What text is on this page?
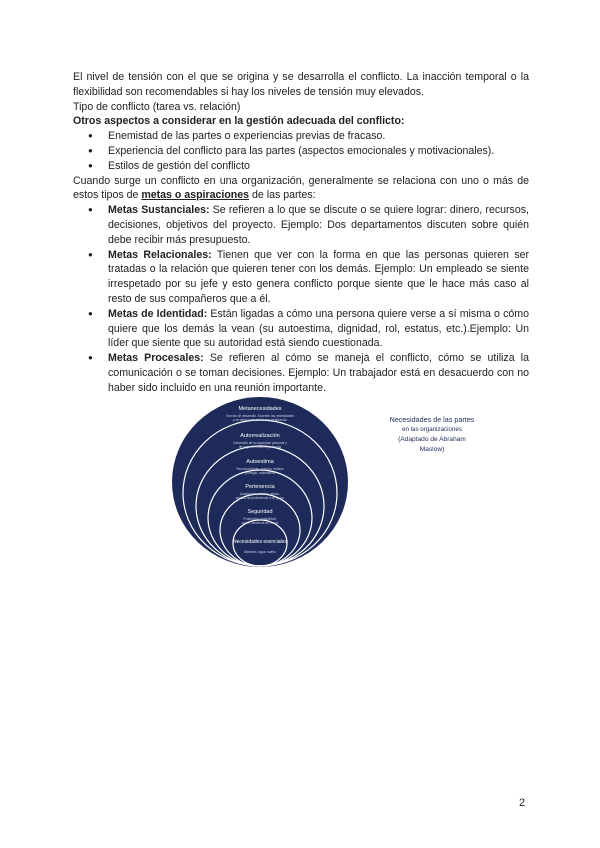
El nivel de tensión con el que se origina y se desarrolla el conflicto. La inacción temporal o la flexibilidad son recomendables si hay los niveles de tensión muy elevados.

Tipo de conflicto (tarea vs. relación)

Otros aspectos a considerar en la gestión adecuada del conflicto:

● Enemistad de las partes o experiencias previas de fracaso.
● Experiencia del conflicto para las partes (aspectos emocionales y motivacionales).
● Estilos de gestión del conflicto

Cuando surge un conflicto en una organización, generalmente se relaciona con uno o más de estos tipos de metas o aspiraciones de las partes:

● Metas Sustanciales: Se refieren a lo que se discute o se quiere lograr: dinero, recursos, decisiones, objetivos del proyecto. Ejemplo: Dos departamentos discuten sobre quién debe recibir más presupuesto.
● Metas Relacionales: Tienen que ver con la forma en que las personas quieren ser tratadas o la relación que quieren tener con los demás. Ejemplo: Un empleado se siente irrespetado por su jefe y esto genera conflicto porque siente que le hace más caso al resto de sus compañeros que a él.
● Metas de Identidad: Están ligadas a cómo una persona quiere verse a sí misma o cómo quiere que los demás la vean (su autoestima, dignidad, rol, estatus, etc.).Ejemplo: Un líder que siente que su autoridad está siendo cuestionada.
● Metas Procesales: Se refieren al cómo se maneja el conflicto, cómo se utiliza la comunicación o se toman decisiones. Ejemplo: Un trabajador está en desacuerdo con no haber sido incluido en una reunión importante.
Metanecesidades
Son las de desarrollo. Exceden las necesidades
y se relacionan con la autorrealización
Autorrealización
Desarrollo de la capacidad personal y
de logro del máximo potencial
Autoestima
Reconocimiento, respeto, estatus
prestigio, autoestima
Pertenencia
Aceptación, amistad, afecto,
sentido de pertenencia a un grupo
Seguridad
Protección, estabilidad,
orden, ausencia de miedo
Necesidades esenciales
Alimento, agua, sueño
Necesidades de las partes
en las organizaciones
(Adaptado de Abraham
Maslow)
2
